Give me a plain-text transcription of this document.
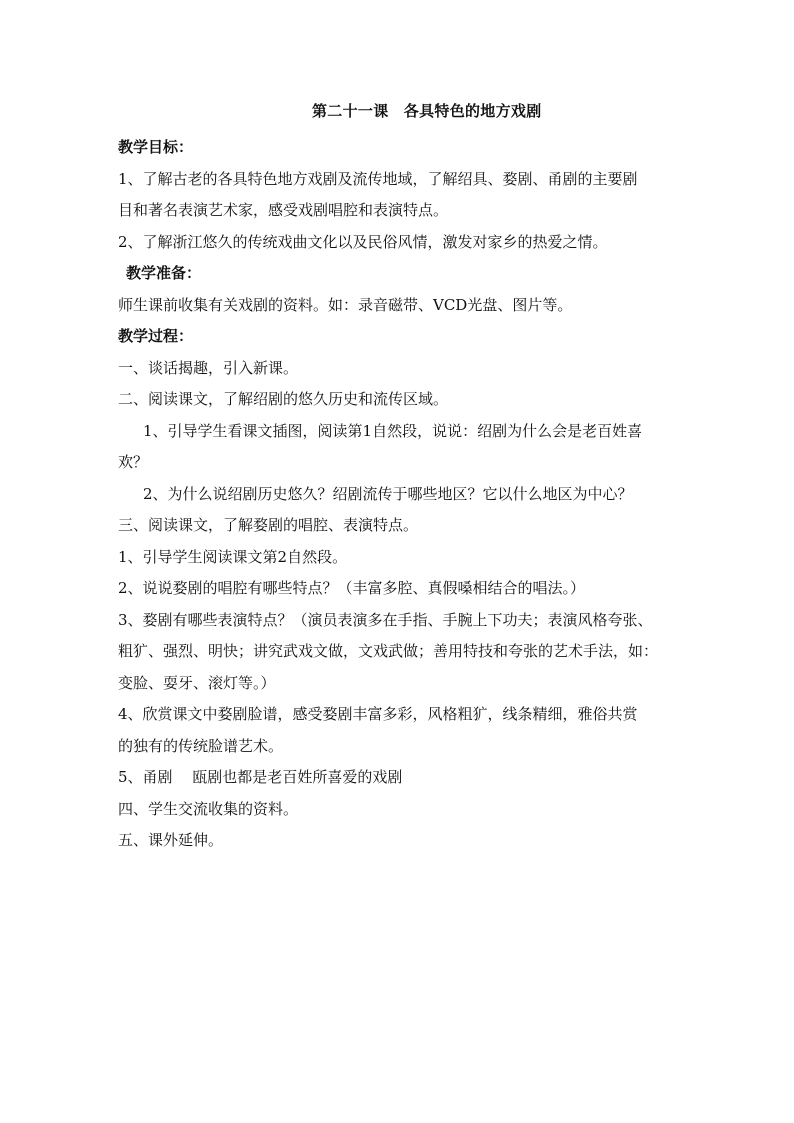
第二十一课　各具特色的地方戏剧
教学目标：
1、了解古老的各具特色地方戏剧及流传地域，了解绍具、婺剧、甬剧的主要剧
目和著名表演艺术家，感受戏剧唱腔和表演特点。
2、了解浙江悠久的传统戏曲文化以及民俗风情，激发对家乡的热爱之情。
教学准备：
师生课前收集有关戏剧的资料。如：录音磁带、VCD光盘、图片等。
教学过程：
一、谈话揭趣，引入新课。
二、阅读课文，了解绍剧的悠久历史和流传区域。
1、引导学生看课文插图，阅读第1自然段，说说：绍剧为什么会是老百姓喜
欢？
2、为什么说绍剧历史悠久？绍剧流传于哪些地区？它以什么地区为中心？
三、阅读课文，了解婺剧的唱腔、表演特点。
1、引导学生阅读课文第2自然段。
2、说说婺剧的唱腔有哪些特点？（丰富多腔、真假嗓相结合的唱法。）
3、婺剧有哪些表演特点？（演员表演多在手指、手腕上下功夫；表演风格夸张、
粗犷、强烈、明快；讲究武戏文做，文戏武做；善用特技和夸张的艺术手法，如：
变脸、耍牙、滚灯等。）
4、欣赏课文中婺剧脸谱，感受婺剧丰富多彩，风格粗犷，线条精细，雅俗共赏
的独有的传统脸谱艺术。
5、甬剧　 瓯剧也都是老百姓所喜爱的戏剧
四、学生交流收集的资料。
五、课外延伸。
